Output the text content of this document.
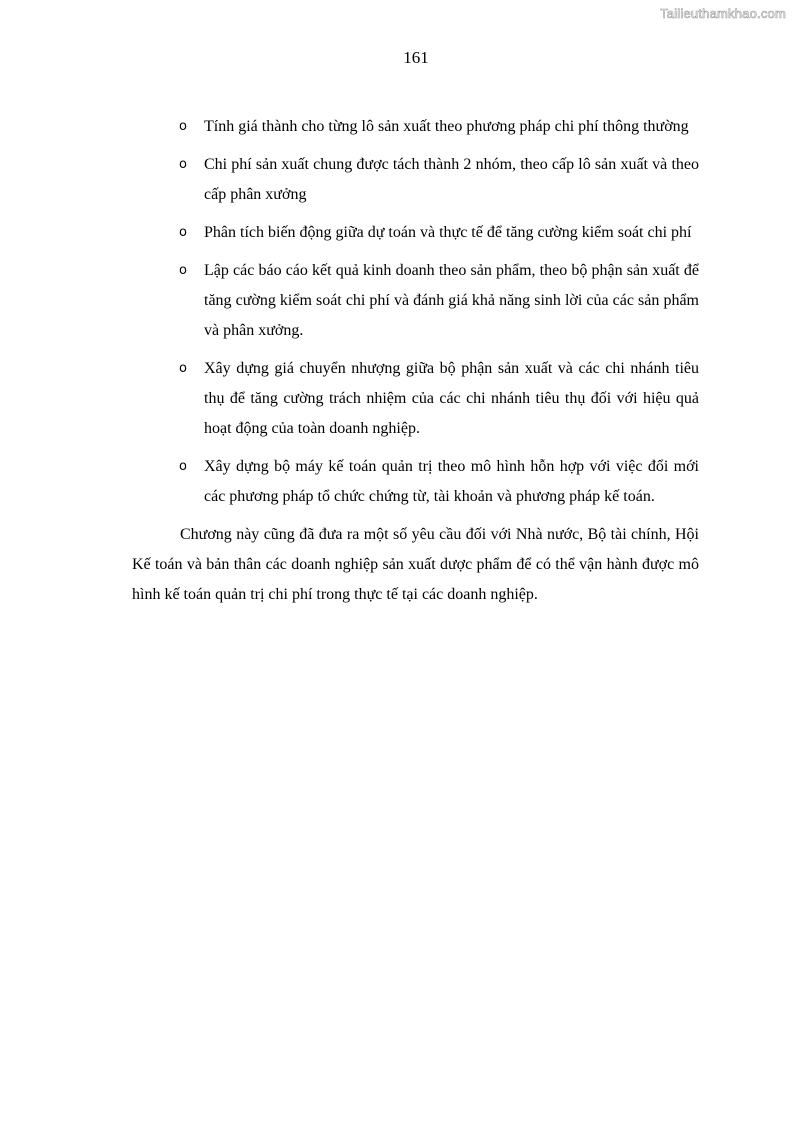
Tailieuthamkhao.com
161
o Tính giá thành cho từng lô sản xuất theo phương pháp chi phí thông thường
o Chi phí sản xuất chung được tách thành 2 nhóm, theo cấp lô sản xuất và theo cấp phân xưởng
o Phân tích biến động giữa dự toán và thực tế để tăng cường kiểm soát chi phí
o Lập các báo cáo kết quả kinh doanh theo sản phẩm, theo bộ phận sản xuất để tăng cường kiểm soát chi phí và đánh giá khả năng sinh lời của các sản phẩm và phân xưởng.
o Xây dựng giá chuyển nhượng giữa bộ phận sản xuất và các chi nhánh tiêu thụ để tăng cường trách nhiệm của các chi nhánh tiêu thụ đối với hiệu quả hoạt động của toàn doanh nghiệp.
o Xây dựng bộ máy kế toán quản trị theo mô hình hỗn hợp với việc đổi mới các phương pháp tổ chức chứng từ, tài khoản và phương pháp kế toán.

Chương này cũng đã đưa ra một số yêu cầu đối với Nhà nước, Bộ tài chính, Hội Kế toán và bản thân các doanh nghiệp sản xuất dược phẩm để có thể vận hành được mô hình kế toán quản trị chi phí trong thực tế tại các doanh nghiệp.
